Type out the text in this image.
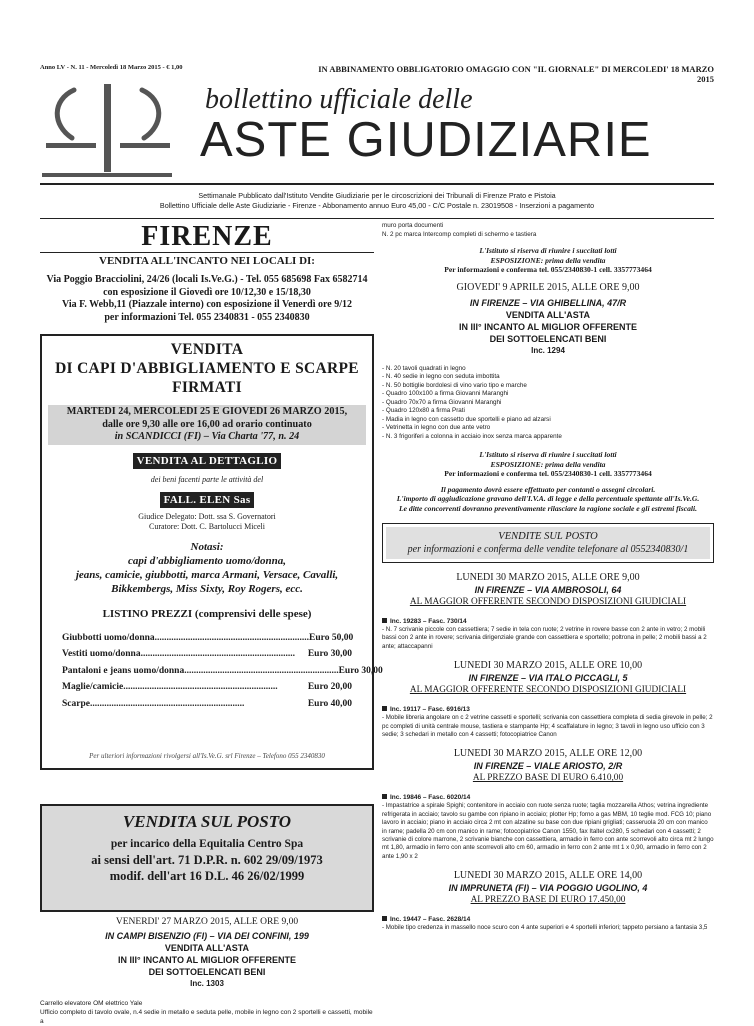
Anno LV - N. 11 - Mercoledì 18 Marzo 2015 - € 1,00	IN ABBINAMENTO OBBLIGATORIO OMAGGIO CON "IL GIORNALE" DI MERCOLEDI' 18 MARZO 2015
bollettino ufficiale delle
ASTE GIUDIZIARIE
Settimanale Pubblicato dall'Istituto Vendite Giudiziarie per le circoscrizioni dei Tribunali di Firenze Prato e Pistoia
Bollettino Ufficiale delle Aste Giudiziarie - Firenze - Abbonamento annuo Euro 45,00 - C/C Postale n. 23019508 - Inserzioni a pagamento
FIRENZE
VENDITA ALL'INCANTO NEI LOCALI DI:
Via Poggio Bracciolini, 24/26 (locali Is.Ve.G.) - Tel. 055 685698 Fax 6582714
con esposizione il Giovedì ore 10/12,30 e 15/18,30
Via F. Webb,11 (Piazzale interno) con esposizione il Venerdì ore 9/12
per informazioni Tel. 055 2340831 - 055 2340830
VENDITA
DI CAPI D'ABBIGLIAMENTO E SCARPE
FIRMATI
MARTEDI 24, MERCOLEDI 25 E GIOVEDI 26 MARZO 2015,
dalle ore 9,30 alle ore 16,00 ad orario continuato
in SCANDICCI (FI) – Via Charta '77, n. 24
VENDITA AL DETTAGLIO
dei beni facenti parte le attività del
FALL. ELEN Sas
Giudice Delegato: Dott. ssa S. Governatori
Curatore: Dott. C. Bartolucci Miceli
Notasi:
capi d'abbigliamento uomo/donna,
jeans, camicie, giubbotti, marca Armani, Versace, Cavalli,
Bikkembergs, Miss Sixty, Roy Rogers, ecc.
LISTINO PREZZI (comprensivi delle spese)
Giubbotti uomo/donna ................................................................. Euro 50,00
Vestiti uomo/donna .................................................................	Euro 30,00
Pantaloni e jeans uomo/donna ................................................................. Euro 30,00
Maglie/camicie .................................................................	Euro 20,00
Scarpe .................................................................	Euro 40,00
Per ulteriori informazioni rivolgersi all'Is.Ve.G. srl Firenze – Telefono 055 2340830
VENDITA SUL POSTO
per incarico della Equitalia Centro Spa
ai sensi dell'art. 71 D.P.R. n. 602 29/09/1973
modif. dell'art 16 D.L. 46 26/02/1999
VENERDI' 27 MARZO 2015, ALLE ORE 9,00
IN CAMPI BISENZIO (FI) – VIA DEI CONFINI, 199
VENDITA ALL'ASTA
IN III° INCANTO AL MIGLIOR OFFERENTE
DEI SOTTOELENCATI BENI
Inc. 1303
Carrello elevatore OM elettrico Yale
Ufficio completo di tavolo ovale, n.4 sedie in metallo e seduta pelle, mobile in legno con 2 sportelli e cassetti, mobile a
muro porta documenti
N. 2 pc marca Intercomp completi di schermo e tastiera
L'Istituto si riserva di riunire i succitati lotti
ESPOSIZIONE: prima della vendita
Per informazioni e conferma tel. 055/2340830-1 cell. 3357773464
GIOVEDI' 9 APRILE 2015, ALLE ORE 9,00
IN FIRENZE – VIA GHIBELLINA, 47/R
VENDITA ALL'ASTA
IN III° INCANTO AL MIGLIOR OFFERENTE
DEI SOTTOELENCATI BENI
Inc. 1294
- N. 20 tavoli quadrati in legno
- N. 40 sedie in legno con seduta imbottita
- N. 50 bottiglie bordolesi di vino vario tipo e marche
- Quadro 100x100 a firma Giovanni Maranghi
- Quadro 70x70 a firma Giovanni Maranghi
- Quadro 120x80 a firma Prati
- Madia in legno con cassetto due sportelli e piano ad alzarsi
- Vetrinetta in legno con due ante vetro
- N. 3 frigoriferi a colonna in acciaio inox senza marca apparente
L'Istituto si riserva di riunire i succitati lotti
ESPOSIZIONE: prima della vendita
Per informazioni e conferma tel. 055/2340830-1 cell. 3357773464
Il pagamento dovrà essere effettuato per contanti o assegni circolari.
L'importo di aggiudicazione gravano dell'I.V.A. di legge e della percentuale spettante all'Is.Ve.G.
Le ditte concorrenti dovranno preventivamente rilasciare la ragione sociale e gli estremi fiscali.
VENDITE SUL POSTO
per informazioni e conferma delle vendite telefonare al 0552340830/1
LUNEDI 30 MARZO 2015, ALLE ORE 9,00
IN FIRENZE – VIA AMBROSOLI, 64
AL MAGGIOR OFFERENTE SECONDO DISPOSIZIONI GIUDICIALI
Inc. 19283 – Fasc. 730/14
- N. 7 scrivanie piccole con cassettiera; 7 sedie in tela con ruote; 2 vetrine in rovere basse con 2 ante in vetro; 2 mobili bassi con 2 ante in rovere; scrivania dirigenziale grande con cassettiera e sportello; poltrona in pelle; 2 mobili bassi a 2 ante; attaccapanni
LUNEDI 30 MARZO 2015, ALLE ORE 10,00
IN FIRENZE – VIA ITALO PICCAGLI, 5
AL MAGGIOR OFFERENTE SECONDO DISPOSIZIONI GIUDICIALI
Inc. 19117 – Fasc. 6916/13
- Mobile libreria angolare on c 2 vetrine cassetti e sportelli; scrivania con cassettiera completa di sedia girevole in pelle; 2 pc completi di unità centrale mouse, tastiera e stampante Hp; 4 scaffalature in legno; 3 tavoli in legno uso ufficio con 3 sedie; 3 schedari in metallo con 4 cassetti; fotocopiatrice Canon
LUNEDI 30 MARZO 2015, ALLE ORE 12,00
IN FIRENZE – VIALE ARIOSTO, 2/R
AL PREZZO BASE DI EURO 6.410,00
Inc. 19846 – Fasc. 6020/14
- Impastatrice a spirale Spighi; contenitore in acciaio con ruote senza ruote; taglia mozzarella Athos; vetrina ingrediente refrigerata in acciaio; tavolo su gambe con ripiano in acciaio; plotter Hp; forno a gas MBM, 10 teglie mod. FCG 10; piano lavoro in acciaio; piano in acciaio circa 2 mt con alzatine su base con due ripiani grigliati; casseruola 20 cm con manico in rame; padella 20 cm con manico in rame; fotocopiatrice Canon 1550, fax Italtel cx280, 5 schedari con 4 cassetti; 2 scrivanie di colore marrone, 2 scrivanie bianche con cassettiera, armadio in ferro con ante scorrevoli alto circa mt 2 lungo mt 1,80, armadio in ferro con ante scorrevoli alto cm 60, armadio in ferro con 2 ante mt 1 x 0,90, armadio in ferro con 2 ante 1,90 x 2
LUNEDI 30 MARZO 2015, ALLE ORE 14,00
IN IMPRUNETA (FI) – VIA POGGIO UGOLINO, 4
AL PREZZO BASE DI EURO 17.450,00
Inc. 19447 – Fasc. 2628/14
- Mobile tipo credenza in massello noce scuro con 4 ante superiori e 4 sportelli inferiori; tappeto persiano a fantasia 3,5
